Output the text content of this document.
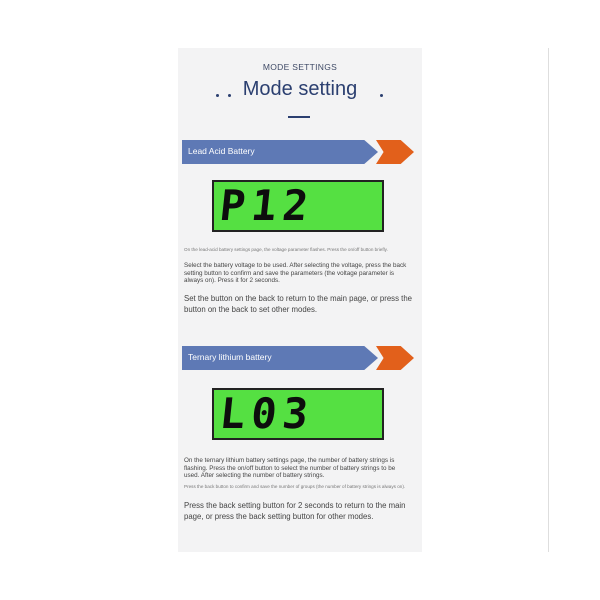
MODE SETTINGS
Mode setting
Lead Acid Battery
P12
On the lead-acid battery settings page, the voltage parameter flashes. Press the on/off button briefly.
Select the battery voltage to be used. After selecting the voltage, press the back setting button to confirm and save the parameters (the voltage parameter is always on). Press it for 2 seconds.
Set the button on the back to return to the main page, or press the button on the back to set other modes.
Ternary lithium battery
L03
On the ternary lithium battery settings page, the number of battery strings is flashing. Press the on/off button to select the number of battery strings to be used. After selecting the number of battery strings.
Press the back button to confirm and save the number of groups (the number of battery strings is always on).
Press the back setting button for 2 seconds to return to the main page, or press the back setting button for other modes.
